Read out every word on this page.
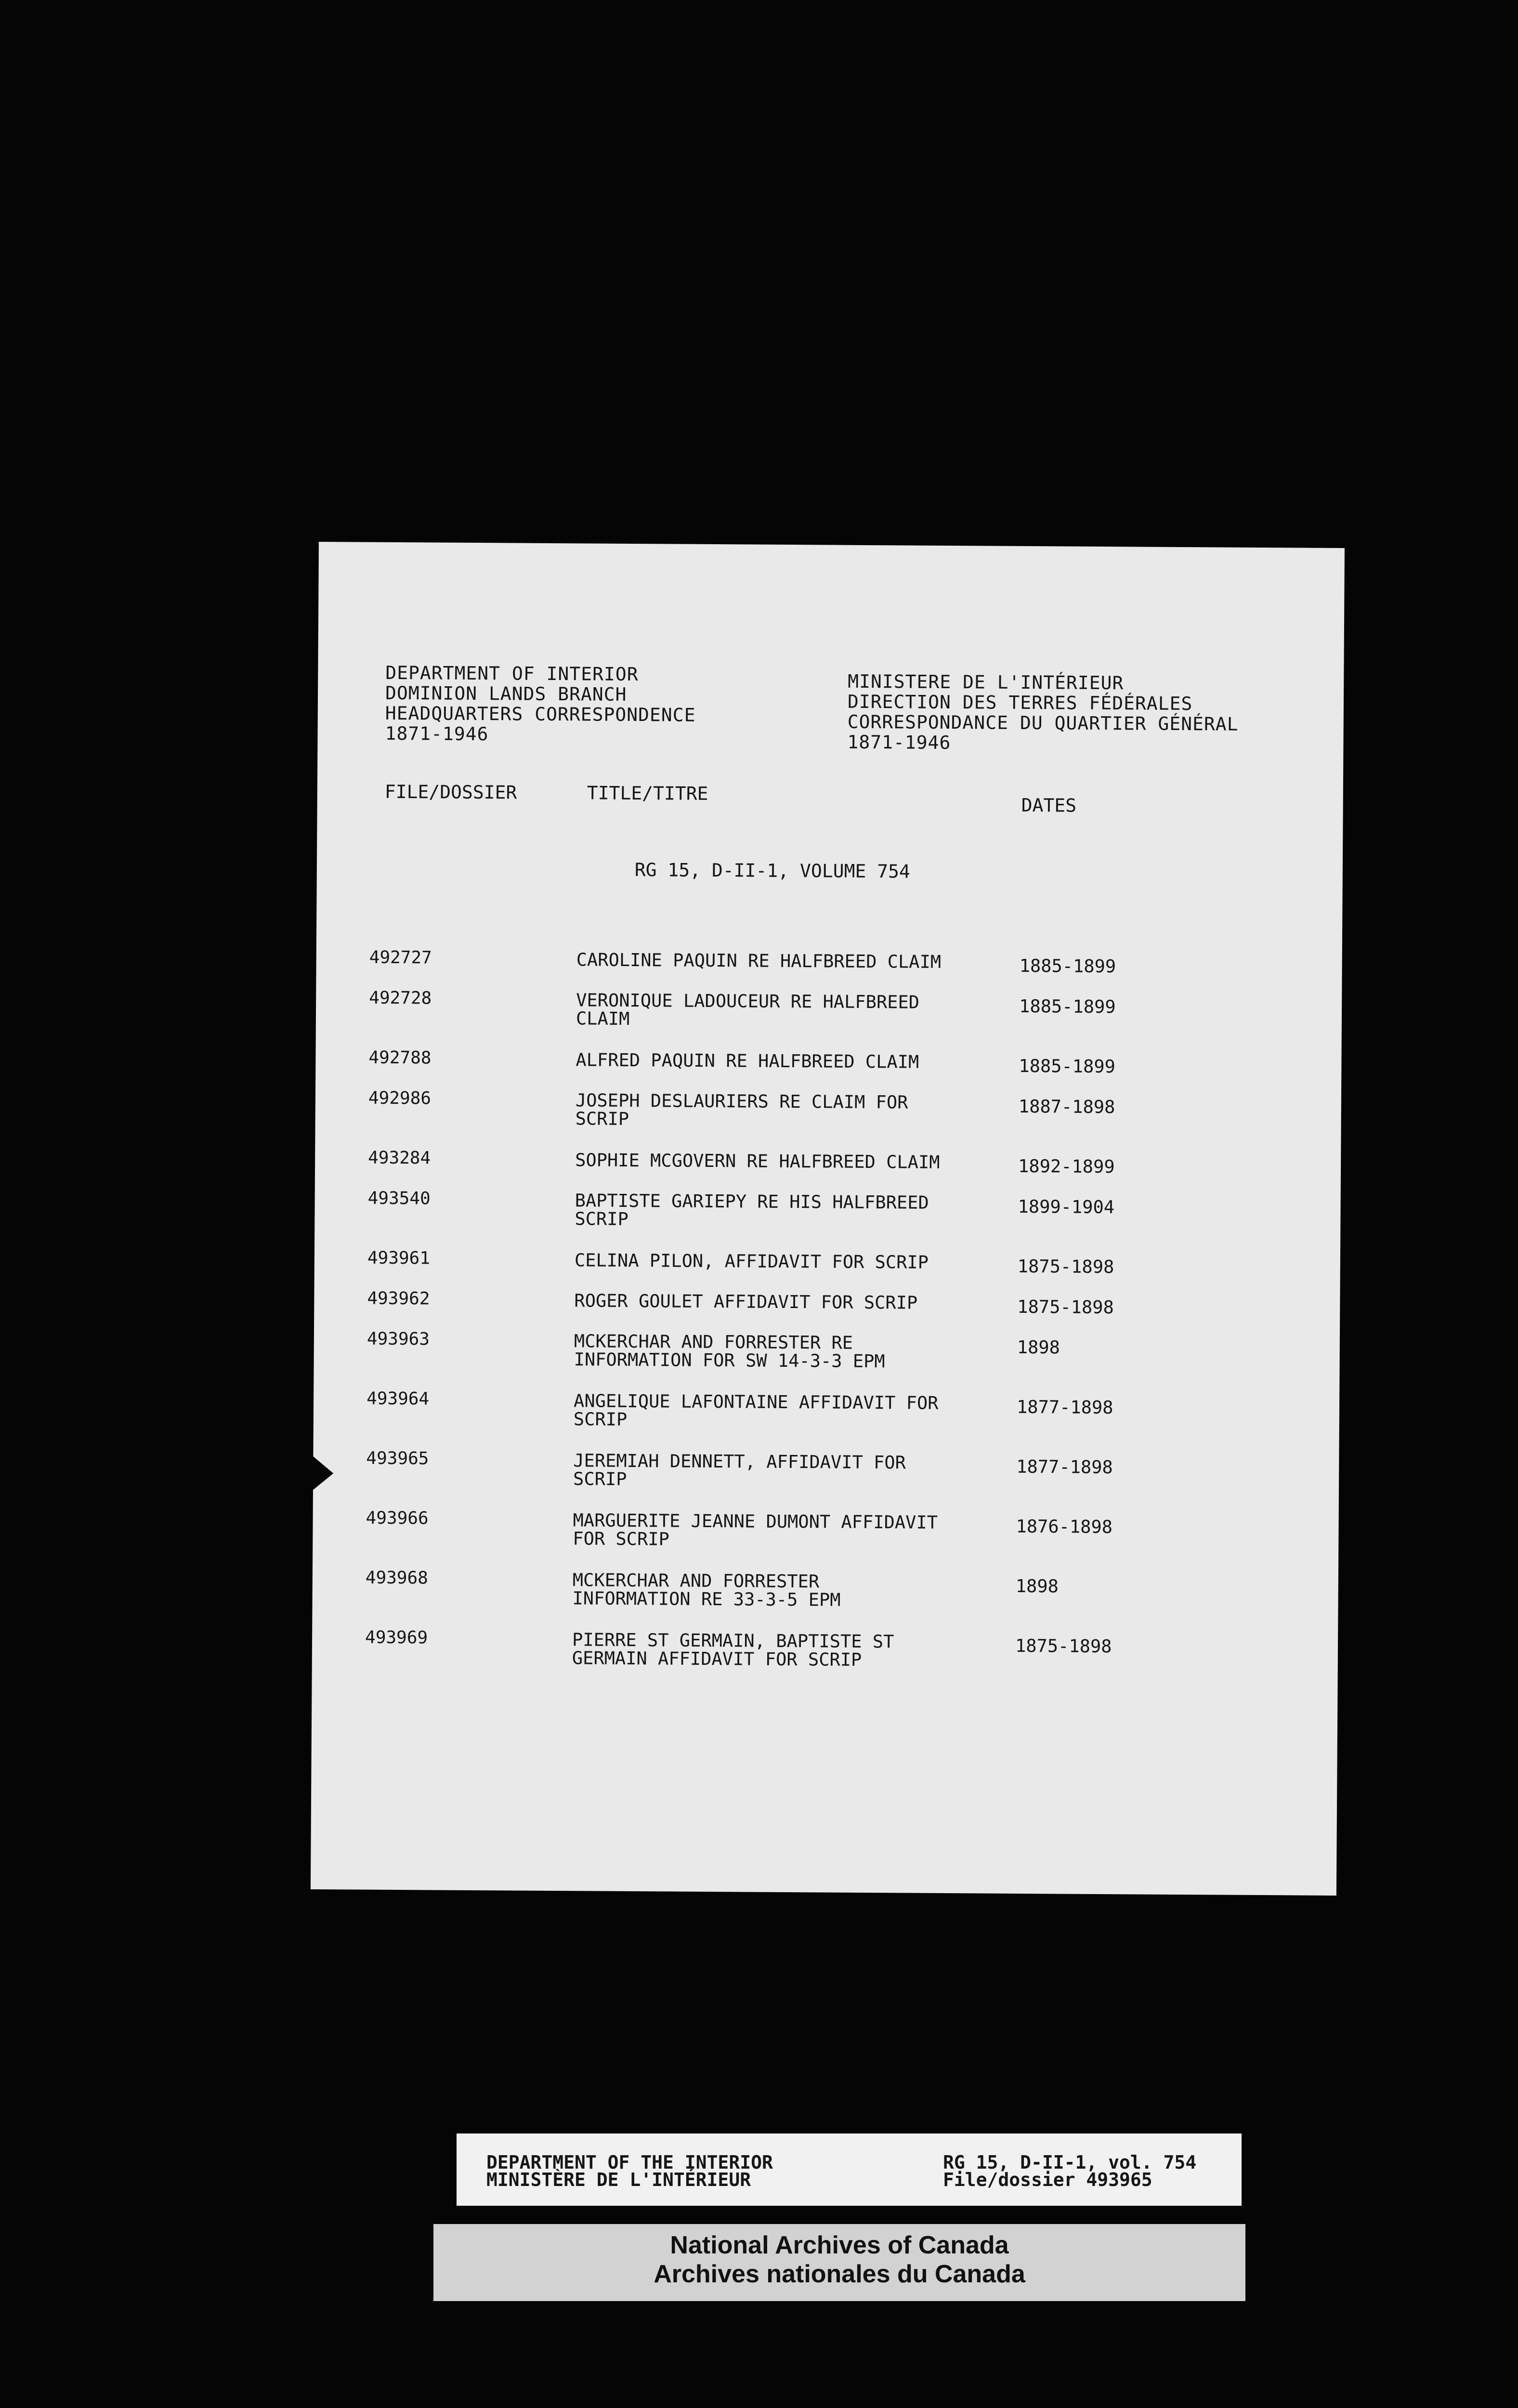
DEPARTMENT OF INTERIOR
DOMINION LANDS BRANCH
HEADQUARTERS CORRESPONDENCE
1871-1946
MINISTERE DE L'INTÉRIEUR
DIRECTION DES TERRES FÉDÉRALES
CORRESPONDANCE DU QUARTIER GÉNÉRAL
1871-1946
FILE/DOSSIER	TITLE/TITRE
DATES
RG 15, D-II-1, VOLUME 754
492727	CAROLINE PAQUIN RE HALFBREED CLAIM	1885-1899
492728	VERONIQUE LADOUCEUR RE HALFBREED
CLAIM
1885-1899
492788	ALFRED PAQUIN RE HALFBREED CLAIM	1885-1899
492986	JOSEPH DESLAURIERS RE CLAIM FOR
SCRIP
1887-1898
493284	SOPHIE MCGOVERN RE HALFBREED CLAIM	1892-1899
493540	BAPTISTE GARIEPY RE HIS HALFBREED
SCRIP
1899-1904
493961	CELINA PILON, AFFIDAVIT FOR SCRIP	1875-1898
493962	ROGER GOULET AFFIDAVIT FOR SCRIP	1875-1898
493963	MCKERCHAR AND FORRESTER RE
INFORMATION FOR SW 14-3-3 EPM
1898
493964	ANGELIQUE LAFONTAINE AFFIDAVIT FOR
SCRIP
1877-1898
493965	JEREMIAH DENNETT, AFFIDAVIT FOR
SCRIP
1877-1898
493966	MARGUERITE JEANNE DUMONT AFFIDAVIT
FOR SCRIP
1876-1898
493968	MCKERCHAR AND FORRESTER
INFORMATION RE 33-3-5 EPM
1898
493969	PIERRE ST GERMAIN, BAPTISTE ST
GERMAIN AFFIDAVIT FOR SCRIP
1875-1898
DEPARTMENT OF THE INTERIOR
MINISTÈRE DE L'INTÉRIEUR
RG 15, D-II-1, vol. 754
File/dossier 493965
National Archives of Canada
Archives nationales du Canada
